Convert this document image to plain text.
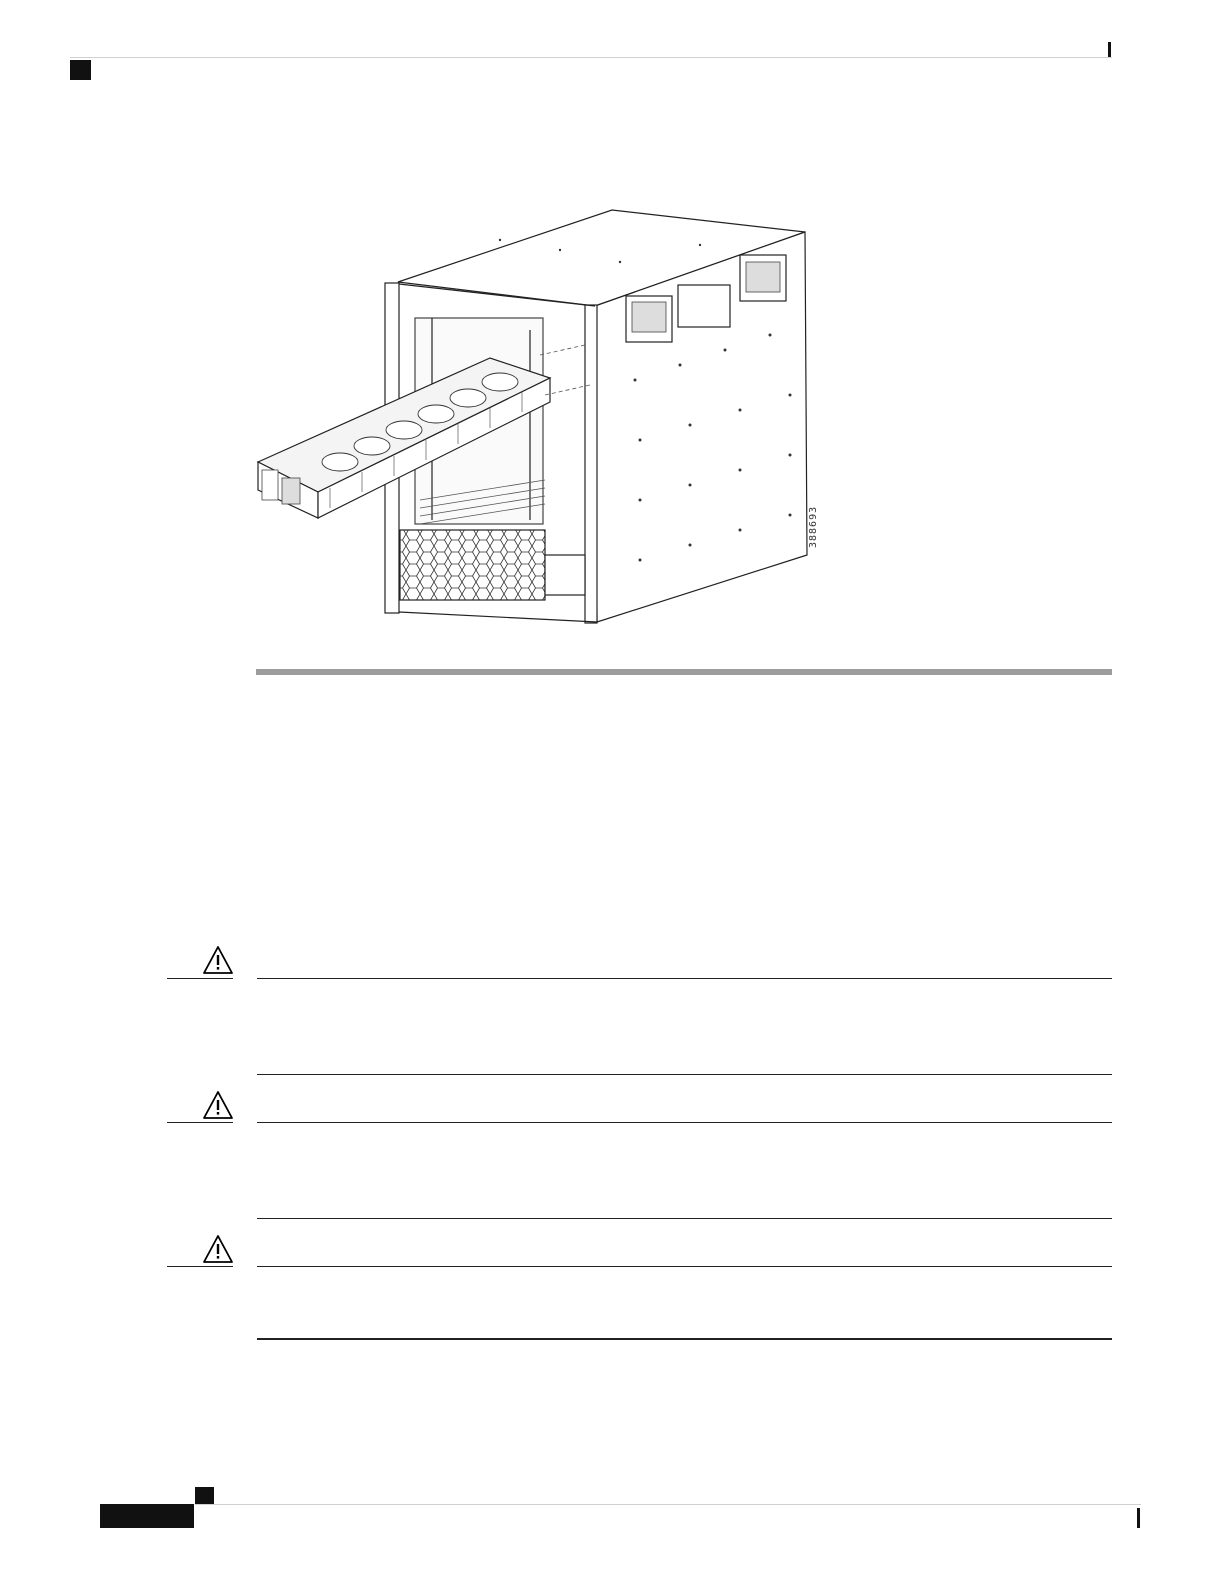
388693
